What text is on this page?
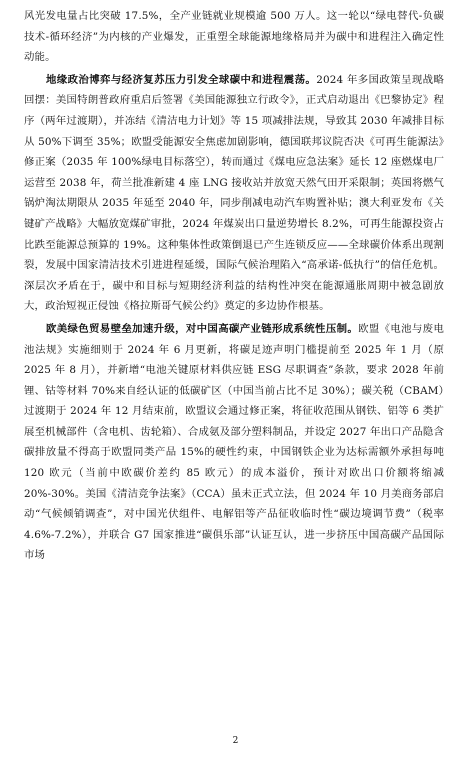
风光发电量占比突破 17.5%，全产业链就业规模逾 500 万人。这一轮以“绿电替代-负碳技术-循环经济”为内核的产业爆发，正重塑全球能源地缘格局并为碳中和进程注入确定性动能。

地缘政治博弈与经济复苏压力引发全球碳中和进程震荡。2024 年多国政策呈现战略回摆：美国特朗普政府重启后签署《美国能源独立行政令》，正式启动退出《巴黎协定》程序（两年过渡期），并冻结《清洁电力计划》等 15 项减排法规，导致其 2030 年减排目标从 50%下调至 35%；欧盟受能源安全焦虑加剧影响，德国联邦议院否决《可再生能源法》修正案（2035 年 100%绿电目标落空），转而通过《煤电应急法案》延长 12 座燃煤电厂运营至 2038 年，荷兰批准新建 4 座 LNG 接收站并放宽天然气田开采限制；英国将燃气锅炉淘汰期限从 2035 年延至 2040 年，同步削减电动汽车购置补贴；澳大利亚发布《关键矿产战略》大幅放宽煤矿审批，2024 年煤炭出口量逆势增长 8.2%，可再生能源投资占比跌至能源总预算的 19%。这种集体性政策倒退已产生连锁反应——全球碳价体系出现割裂，发展中国家清洁技术引进进程延缓，国际气候治理陷入“高承诺-低执行”的信任危机。深层次矛盾在于，碳中和目标与短期经济利益的结构性冲突在能源通胀周期中被急剧放大，政治短视正侵蚀《格拉斯哥气候公约》奠定的多边协作根基。

欧美绿色贸易壁垒加速升级，对中国高碳产业链形成系统性压制。欧盟《电池与废电池法规》实施细则于 2024 年 6 月更新，将碳足迹声明门槛提前至 2025 年 1 月（原 2025 年 8 月），并新增“电池关键原材料供应链 ESG 尽职调查”条款，要求 2028 年前锂、钴等材料 70%来自经认证的低碳矿区（中国当前占比不足 30%）；碳关税（CBAM）过渡期于 2024 年 12 月结束前，欧盟议会通过修正案，将征收范围从钢铁、铝等 6 类扩展至机械部件（含电机、齿轮箱）、合成氨及部分塑料制品，并设定 2027 年出口产品隐含碳排放量不得高于欧盟同类产品 15%的硬性约束，中国钢铁企业为达标需额外承担每吨 120 欧元（当前中欧碳价差约 85 欧元）的成本溢价，预计对欧出口价额将缩减 20%-30%。美国《清洁竞争法案》（CCA）虽未正式立法，但 2024 年 10 月美商务部启动“气候倾销调查”，对中国光伏组件、电解铝等产品征收临时性“碳边境调节费”（税率 4.6%-7.2%），并联合 G7 国家推进“碳俱乐部”认证互认，进一步挤压中国高碳产品国际市场

2
